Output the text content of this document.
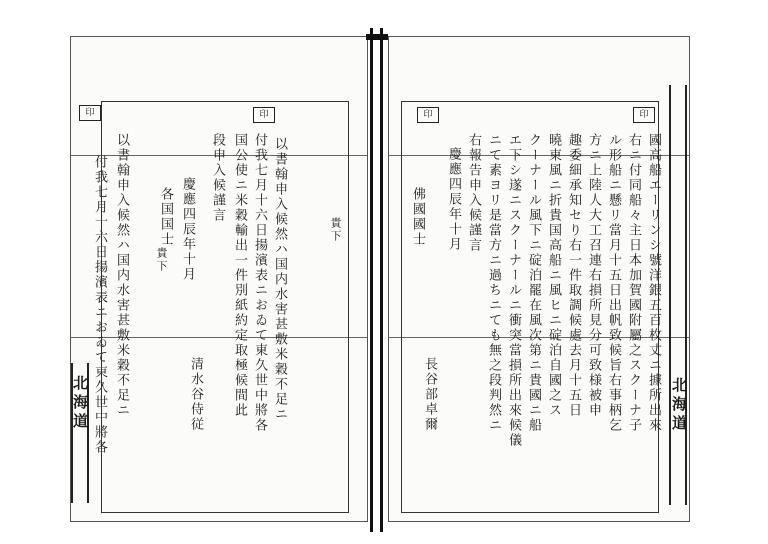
以書翰申入候然ハ国内水害甚敷米穀不足ニ
付我七月十六日揚濱表ニおゐて東久世中將各	貴下
印	印
以書翰申入候然ハ国内水害甚敷米穀不足ニ
付我七月十六日揚濱表ニおゐて東久世中將各
国公使ニ米穀輸出一件別紙約定取極候間此
段申入候謹言
慶應四辰年十月
清水谷侍従
各国国士	貴下
北海道
印	印
國高船エーリンシ號洋銀五百枚丈ニ據所出來
右ニ付同船々主日本加賀國附屬之スクーナ子
ル形船ニ懸リ當月十五日出帆致候旨右事柄乞
方ニ上陸人大工召連右損所見分可致様被申
趣委細承知セり右一件取調候處去月十五日
曉東風ニ折貴国高船ニ風ヒニ碇泊自國之ス
クーナール風下ニ碇泊罷在風次第ニ貴國ニ船
エ下シ遂ニスクーナールニ衝突當損所出來候儀
ニて素ヨリ是當方ニ過ちニても無之段判然ニ
右報告申入候謹言
慶應四辰年十月
佛國國士
長谷部卓爾	北海道
